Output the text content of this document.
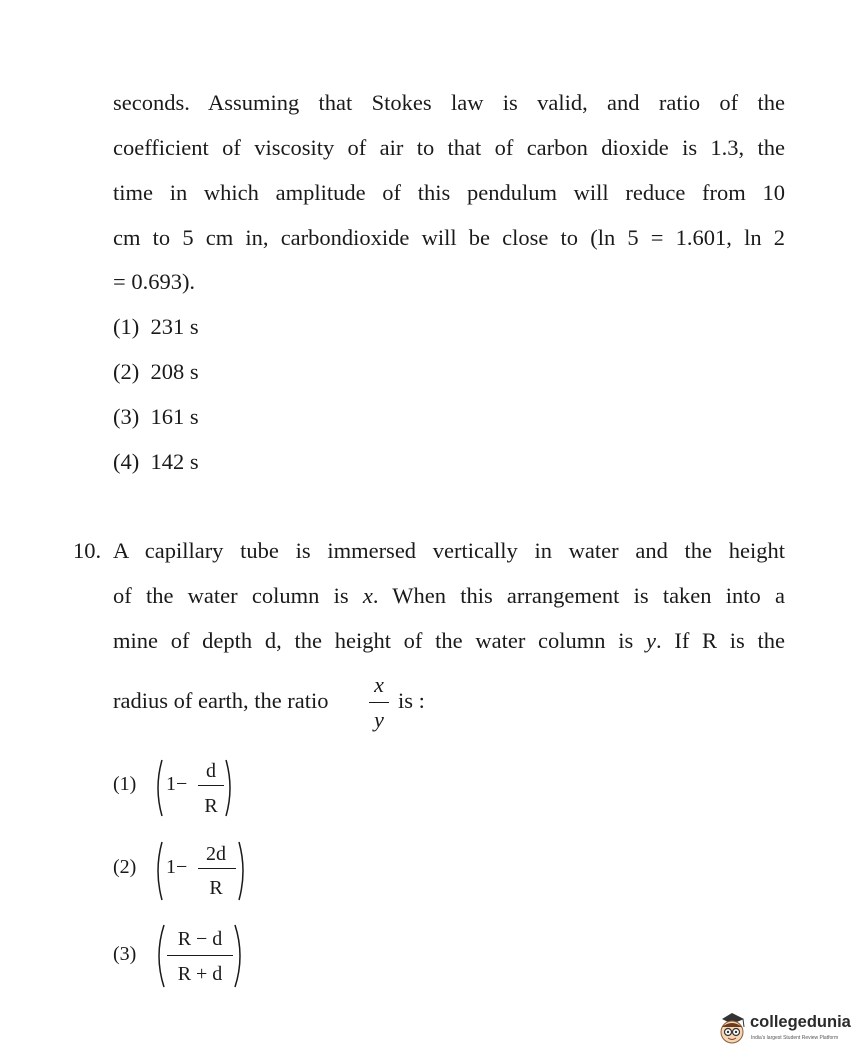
seconds. Assuming that Stokes law is valid, and ratio of the
coefficient of viscosity of air to that of carbon dioxide is 1.3, the
time in which amplitude of this pendulum will reduce from 10
cm to 5 cm in, carbondioxide will be close to (ln 5 = 1.601, ln 2
= 0.693).
(1)  231 s
(2)  208 s
(3)  161 s
(4)  142 s
10. A capillary tube is immersed vertically in water and the height
of the water column is x. When this arrangement is taken into a
mine of depth d, the height of the water column is y. If R is the
radius of earth, the ratio
x
y
is :
(1) 1−
d
R
(2) 1−
2d
R
(3)
R − d
R + d
collegedunia
India's largest Student Review Platform
